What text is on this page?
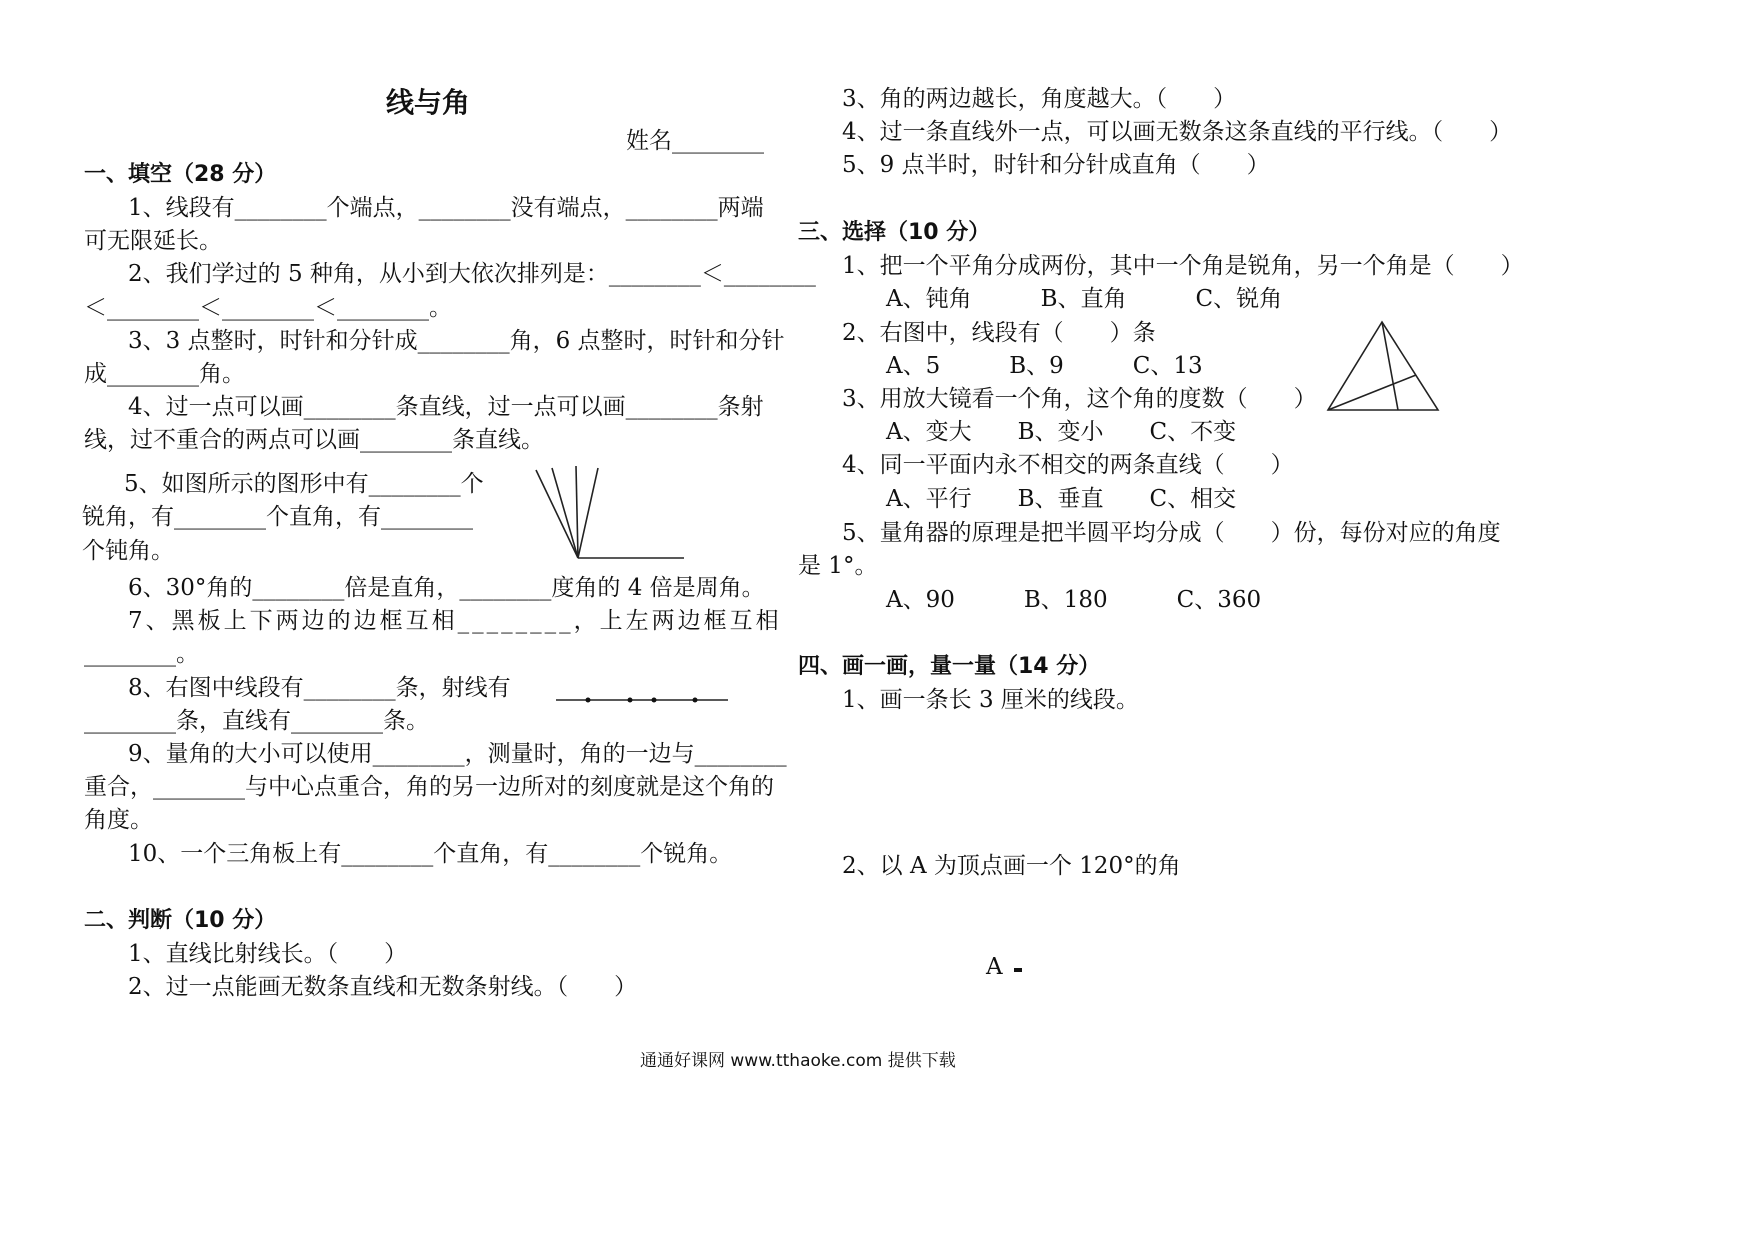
线与角
姓名________
一、填空（28 分）
1、线段有________个端点，________没有端点，________两端
可无限延长。
2、我们学过的 5 种角，从小到大依次排列是：________＜________
＜________＜________＜________。
3、3 点整时，时针和分针成________角，6 点整时，时针和分针
成________角。
4、过一点可以画________条直线，过一点可以画________条射
线，过不重合的两点可以画________条直线。
5、如图所示的图形中有________个
锐角，有________个直角，有________
个钝角。
6、30°角的________倍是直角，________度角的 4 倍是周角。
7、黑板上下两边的边框互相________，上左两边框互相
________。
8、右图中线段有________条，射线有
________条，直线有________条。
9、量角的大小可以使用________，测量时，角的一边与________
重合，________与中心点重合，角的另一边所对的刻度就是这个角的
角度。
10、一个三角板上有________个直角，有________个锐角。
二、判断（10 分）
1、直线比射线长。（　　）
2、过一点能画无数条直线和无数条射线。（　　）
3、角的两边越长，角度越大。（　　）
4、过一条直线外一点，可以画无数条这条直线的平行线。（　　）
5、9 点半时，时针和分针成直角（　　）
三、选择（10 分）
1、把一个平角分成两份，其中一个角是锐角，另一个角是（　　）
A、钝角　　　B、直角　　　C、锐角
2、右图中，线段有（　　）条
A、5　　　B、9　　　C、13
3、用放大镜看一个角，这个角的度数（　　）
A、变大　　B、变小　　C、不变
4、同一平面内永不相交的两条直线（　　）
A、平行　　B、垂直　　C、相交
5、量角器的原理是把半圆平均分成（　　）份，每份对应的角度
是 1°。
A、90　　　B、180　　　C、360
四、画一画，量一量（14 分）
1、画一条长 3 厘米的线段。
2、以 A 为顶点画一个 120°的角
A
通通好课网 www.tthaoke.com 提供下载
